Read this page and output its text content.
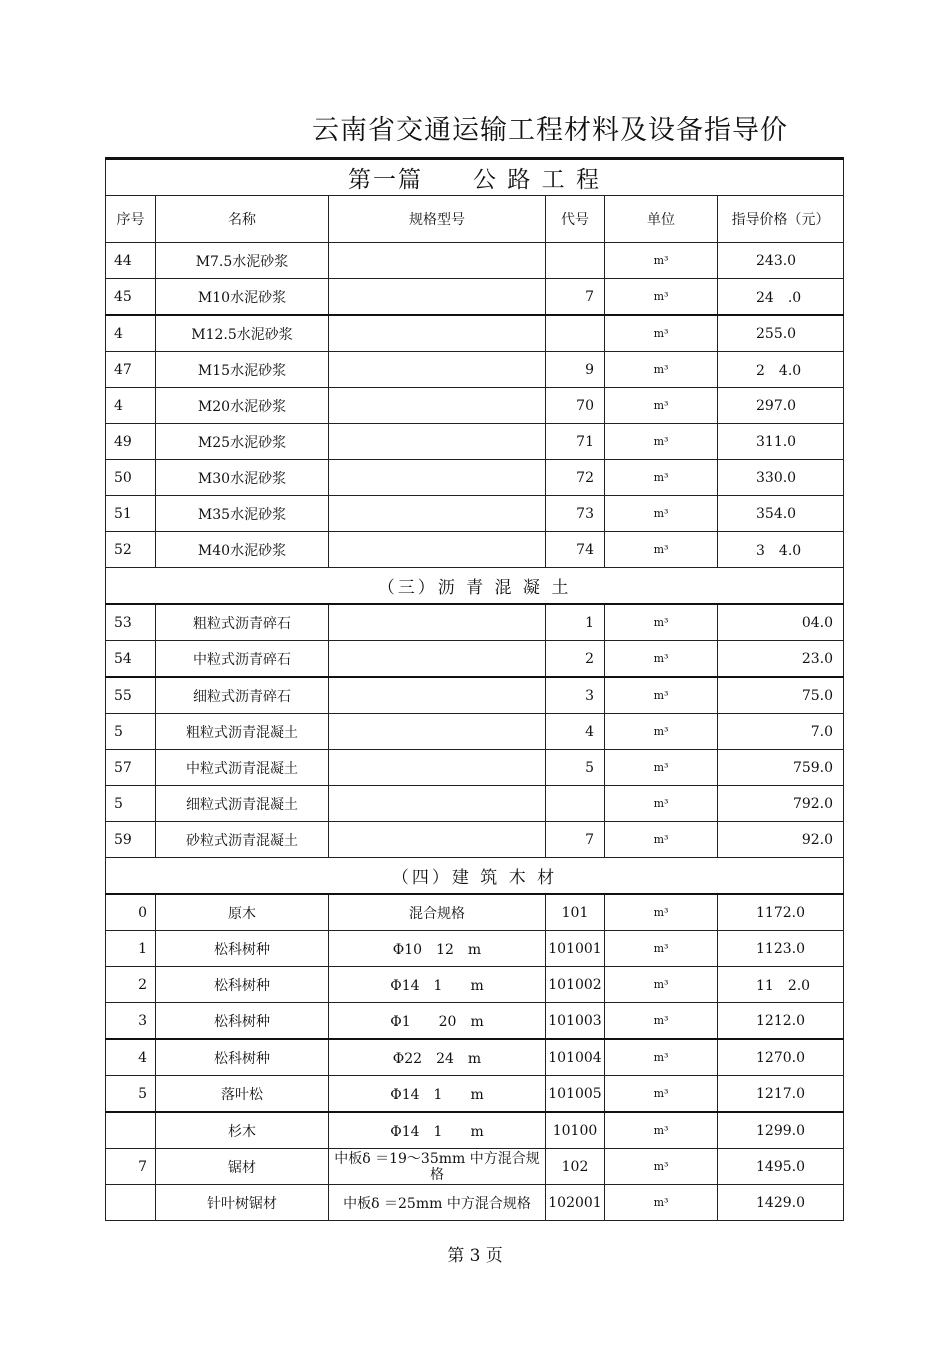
云南省交通运输工程材料及设备指导价
第一篇　　公 路 工 程					
序号	名称	规格型号	代号	单位	指导价格（元）
44	M7.5水泥砂浆			m³	243.0
45	M10水泥砂浆		7	m³	24　.0
4	M12.5水泥砂浆			m³	255.0
47	M15水泥砂浆		9	m³	2　4.0
4	M20水泥砂浆		70	m³	297.0
49	M25水泥砂浆		71	m³	311.0
50	M30水泥砂浆		72	m³	330.0
51	M35水泥砂浆		73	m³	354.0
52	M40水泥砂浆		74	m³	3　4.0
（三）沥 青 混 凝 土					
53	粗粒式沥青碎石		1	m³	04.0
54	中粒式沥青碎石		2	m³	23.0
55	细粒式沥青碎石		3	m³	75.0
5	粗粒式沥青混凝土		4	m³	7.0
57	中粒式沥青混凝土		5	m³	759.0
5	细粒式沥青混凝土			m³	792.0
59	砂粒式沥青混凝土		7	m³	92.0
（四）建 筑 木 材					
0	原木	混合规格	101	m³	1172.0
1	松科树种	Φ10　12　m	101001	m³	1123.0
2	松科树种	Φ14　1　　m	101002	m³	11　2.0
3	松科树种	Φ1　　20　m	101003	m³	1212.0
4	松科树种	Φ22　24　m	101004	m³	1270.0
5	落叶松	Φ14　1　　m	101005	m³	1217.0
	杉木	Φ14　1　　m	10100	m³	1299.0
7	锯材	中板δ ＝19～35mm 中方混合规格	102	m³	1495.0
	针叶树锯材	中板δ ＝25mm 中方混合规格	102001	m³	1429.0
第 3 页
